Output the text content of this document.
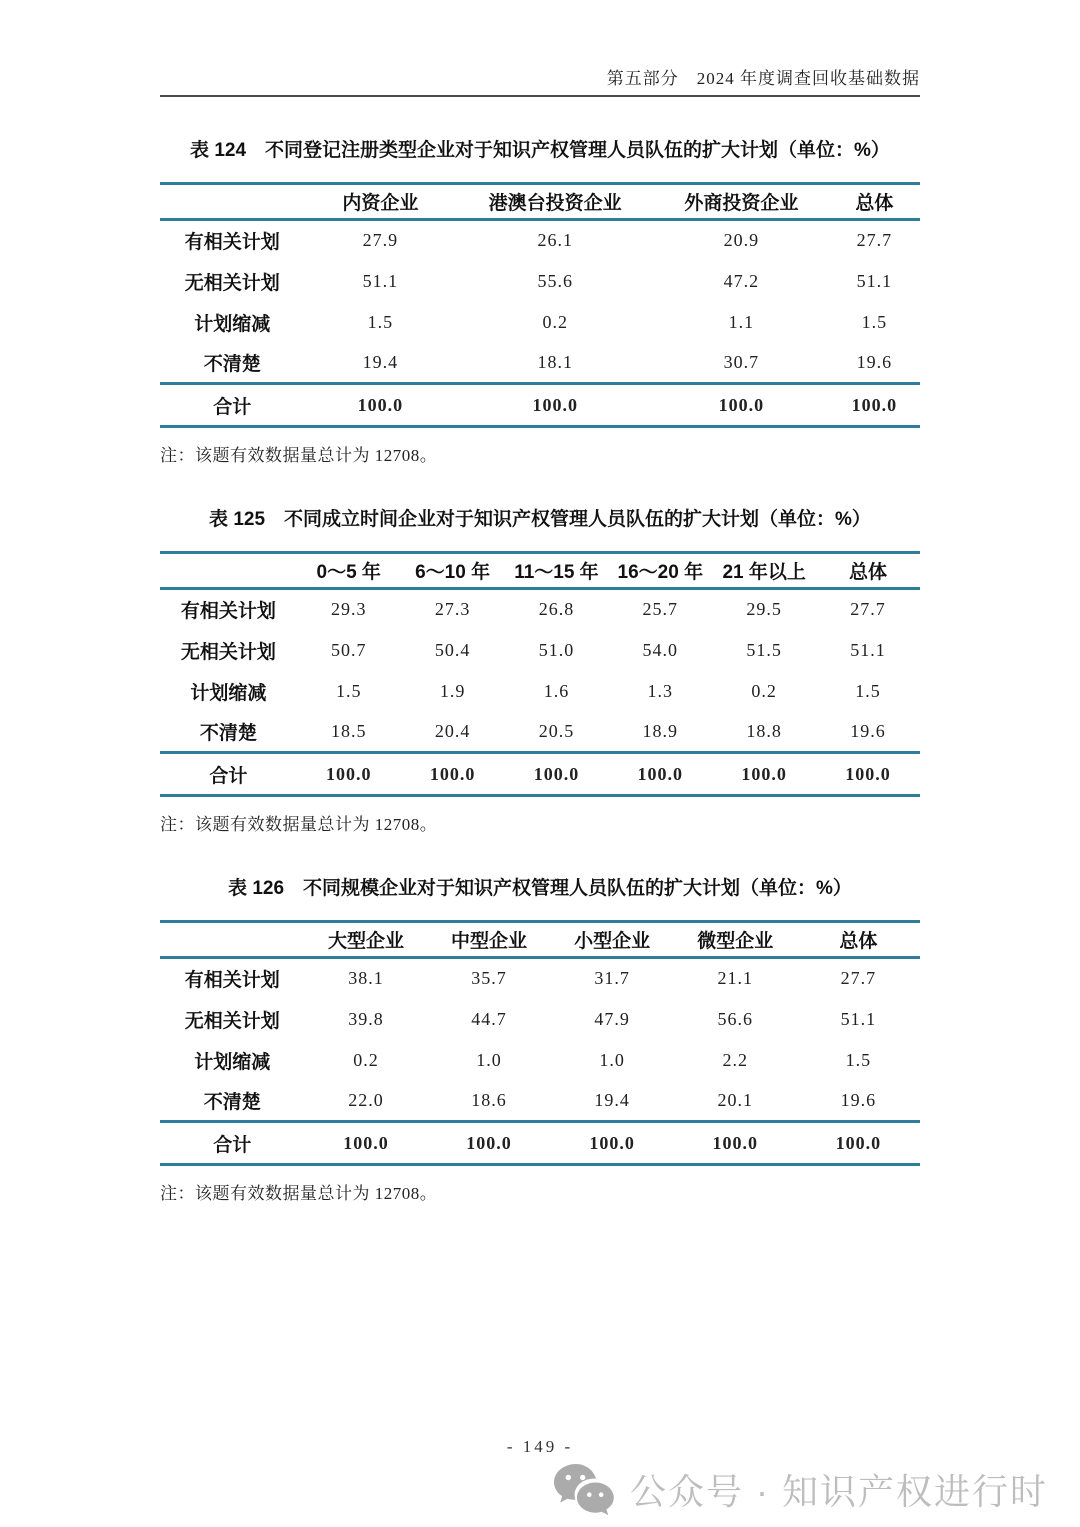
第五部分　2024 年度调查回收基础数据
表 124　不同登记注册类型企业对于知识产权管理人员队伍的扩大计划（单位：%）
	内资企业	港澳台投资企业	外商投资企业	总体
有相关计划	27.9	26.1	20.9	27.7
无相关计划	51.1	55.6	47.2	51.1
计划缩减	1.5	0.2	1.1	1.5
不清楚	19.4	18.1	30.7	19.6
合计	100.0	100.0	100.0	100.0

注：该题有效数据量总计为 12708。

表 125　不同成立时间企业对于知识产权管理人员队伍的扩大计划（单位：%）
	0～5 年	6～10 年	11～15 年	16～20 年	21 年以上	总体
有相关计划	29.3	27.3	26.8	25.7	29.5	27.7
无相关计划	50.7	50.4	51.0	54.0	51.5	51.1
计划缩减	1.5	1.9	1.6	1.3	0.2	1.5
不清楚	18.5	20.4	20.5	18.9	18.8	19.6
合计	100.0	100.0	100.0	100.0	100.0	100.0

注：该题有效数据量总计为 12708。

表 126　不同规模企业对于知识产权管理人员队伍的扩大计划（单位：%）
	大型企业	中型企业	小型企业	微型企业	总体
有相关计划	38.1	35.7	31.7	21.1	27.7
无相关计划	39.8	44.7	47.9	56.6	51.1
计划缩减	0.2	1.0	1.0	2.2	1.5
不清楚	22.0	18.6	19.4	20.1	19.6
合计	100.0	100.0	100.0	100.0	100.0

注：该题有效数据量总计为 12708。

- 149 -
公众号 · 知识产权进行时
